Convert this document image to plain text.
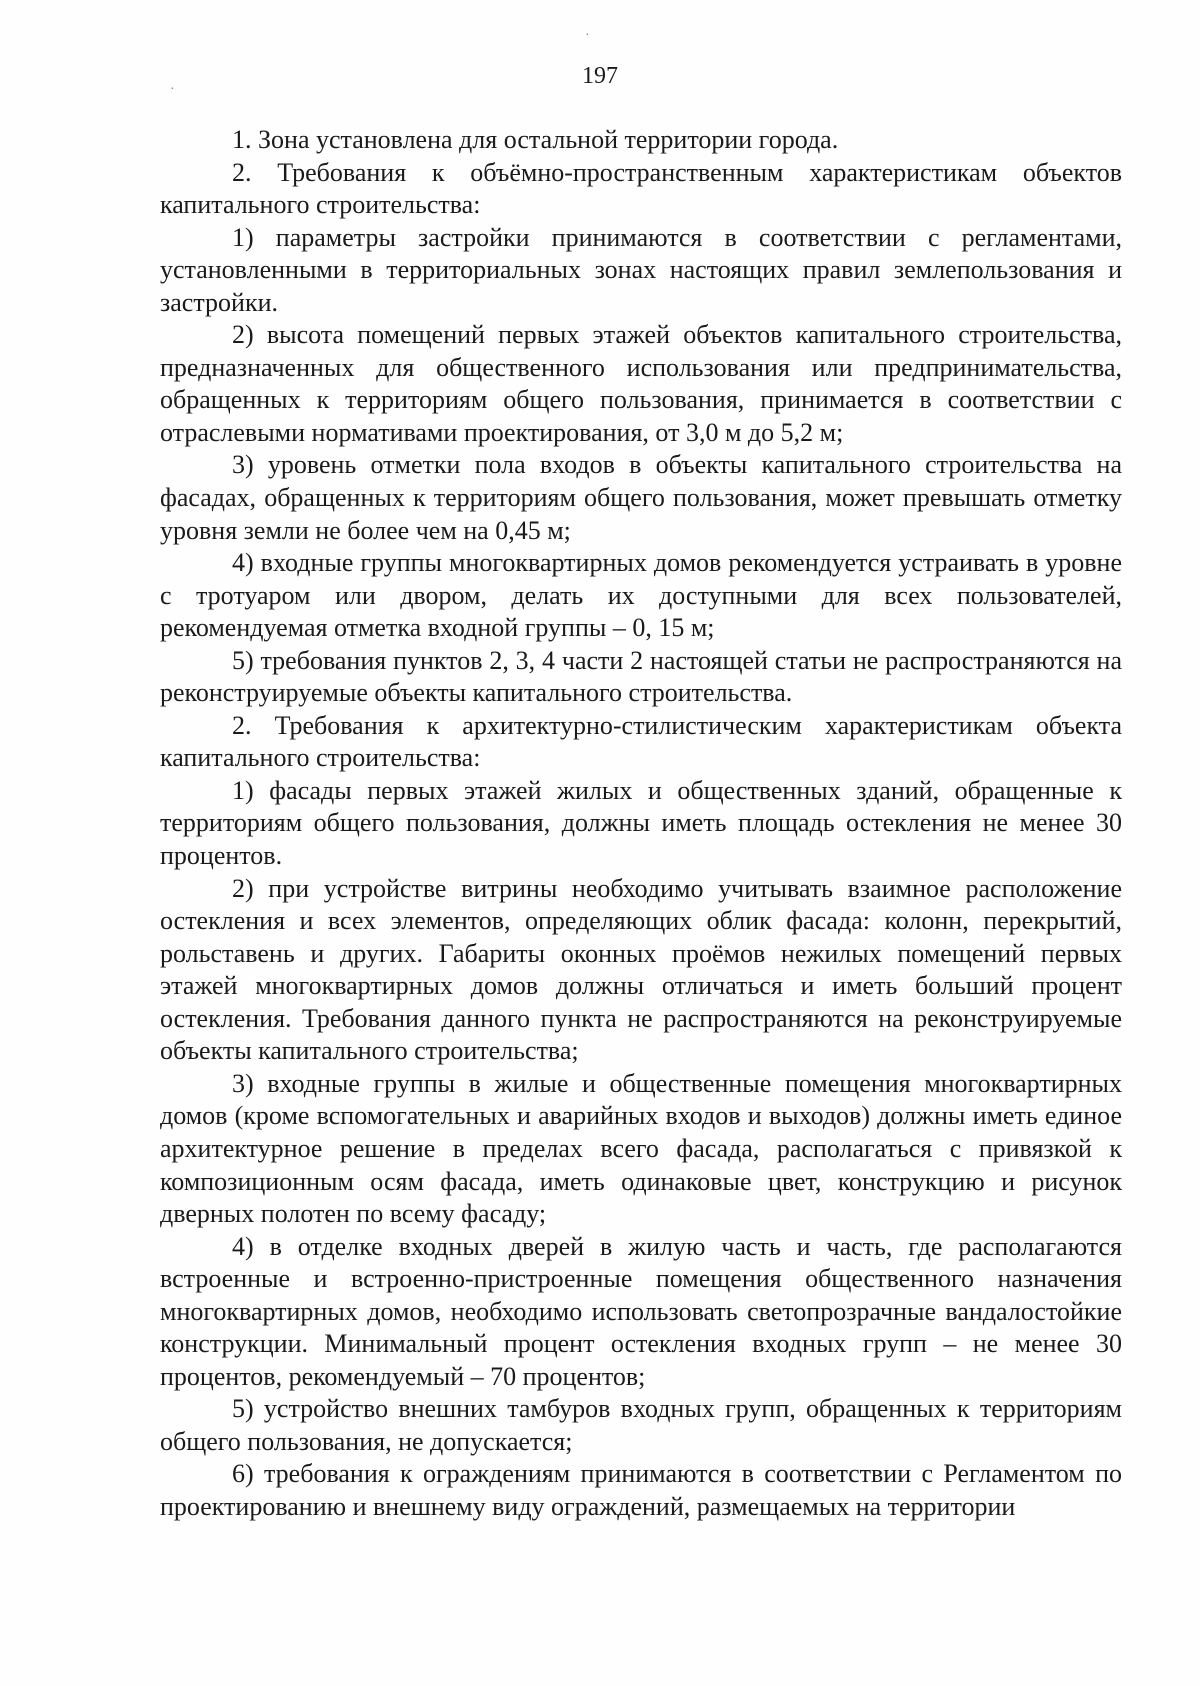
·
·
197

1. Зона установлена для остальной территории города.

2. Требования к объёмно-пространственным характеристикам объектов капитального строительства:

1) параметры застройки принимаются в соответствии с регламентами, установленными в территориальных зонах настоящих правил землепользования и застройки.

2) высота помещений первых этажей объектов капитального строительства, предназначенных для общественного использования или предпринимательства, обращенных к территориям общего пользования, принимается в соответствии с отраслевыми нормативами проектирования, от 3,0 м до 5,2 м;

3) уровень отметки пола входов в объекты капитального строительства на фасадах, обращенных к территориям общего пользования, может превышать отметку уровня земли не более чем на 0,45 м;

4) входные группы многоквартирных домов рекомендуется устраивать в уровне с тротуаром или двором, делать их доступными для всех пользователей, рекомендуемая отметка входной группы – 0, 15 м;

5) требования пунктов 2, 3, 4 части 2 настоящей статьи не распространяются на реконструируемые объекты капитального строительства.

2. Требования к архитектурно-стилистическим характеристикам объекта капитального строительства:

1) фасады первых этажей жилых и общественных зданий, обращенные к территориям общего пользования, должны иметь площадь остекления не менее 30 процентов.

2) при устройстве витрины необходимо учитывать взаимное расположение остекления и всех элементов, определяющих облик фасада: колонн, перекрытий, рольставень и других. Габариты оконных проёмов нежилых помещений первых этажей многоквартирных домов должны отличаться и иметь больший процент остекления. Требования данного пункта не распространяются на реконструируемые объекты капитального строительства;

3) входные группы в жилые и общественные помещения многоквартирных домов (кроме вспомогательных и аварийных входов и выходов) должны иметь единое архитектурное решение в пределах всего фасада, располагаться с привязкой к композиционным осям фасада, иметь одинаковые цвет, конструкцию и рисунок дверных полотен по всему фасаду;

4) в отделке входных дверей в жилую часть и часть, где располагаются встроенные и встроенно-пристроенные помещения общественного назначения многоквартирных домов, необходимо использовать светопрозрачные вандалостойкие конструкции. Минимальный процент остекления входных групп – не менее 30 процентов, рекомендуемый – 70 процентов;

5) устройство внешних тамбуров входных групп, обращенных к территориям общего пользования, не допускается;

6) требования к ограждениям принимаются в соответствии с Регламентом по проектированию и внешнему виду ограждений, размещаемых на территории
